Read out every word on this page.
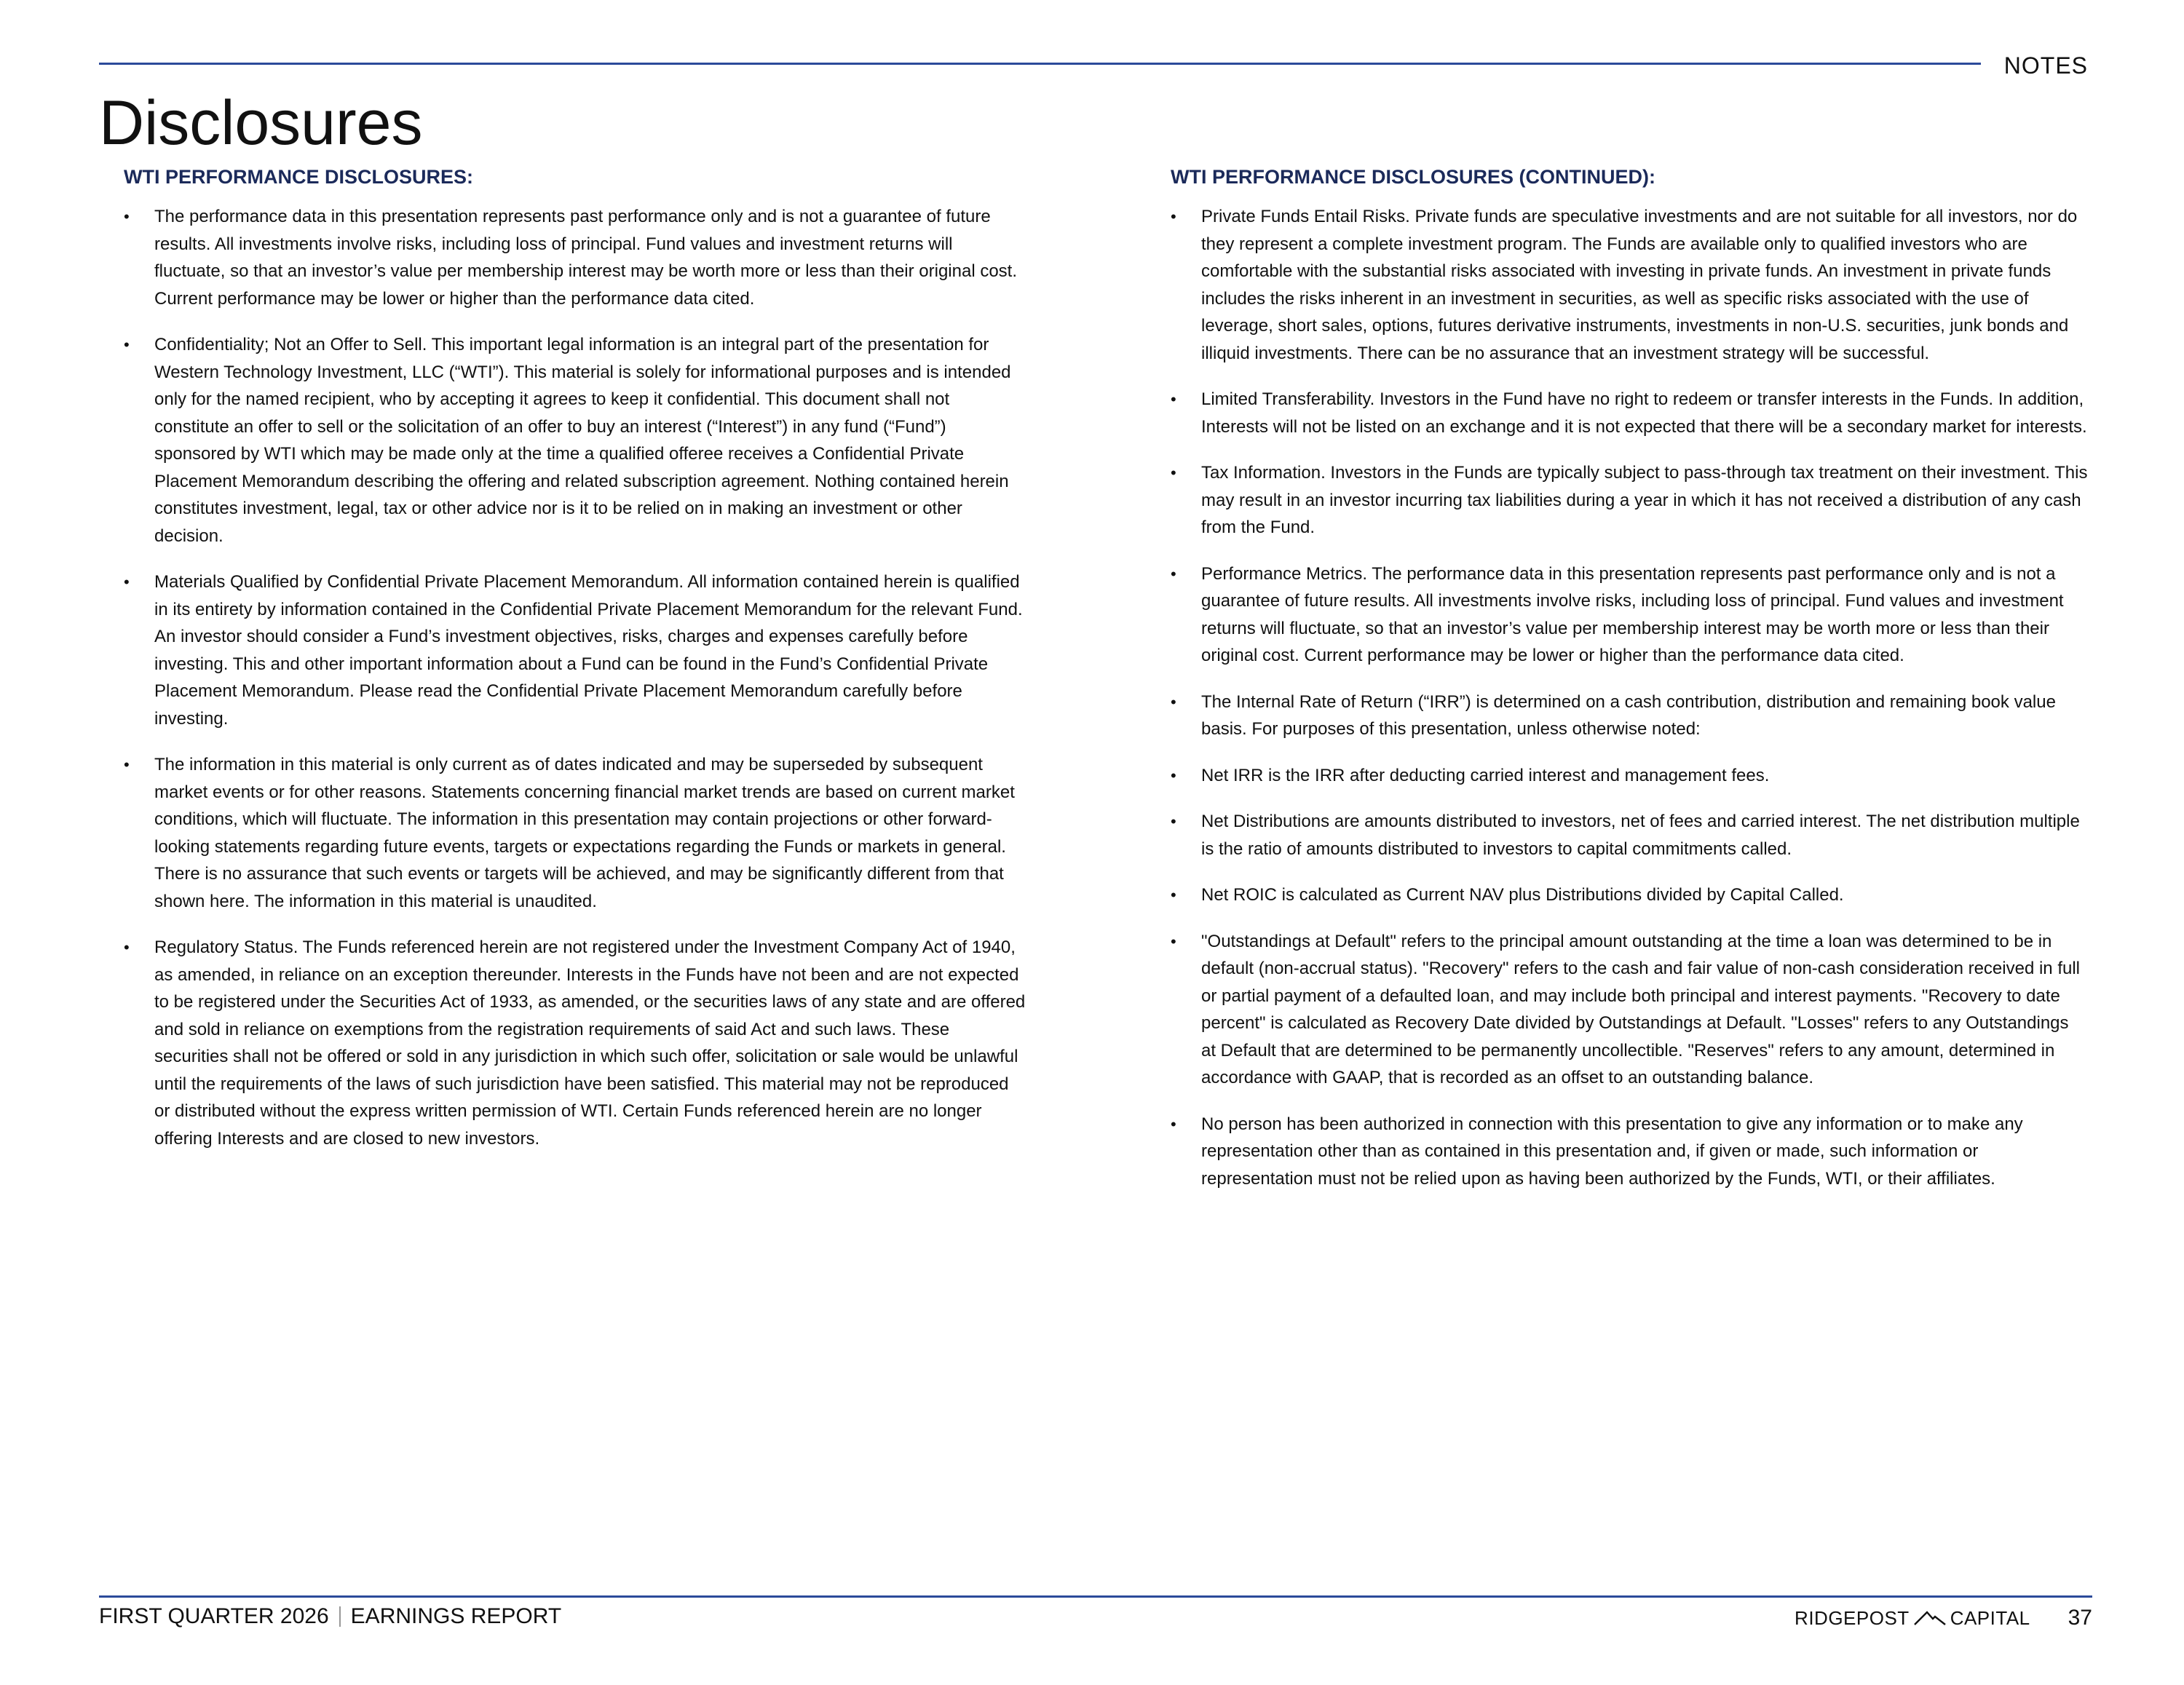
NOTES
Disclosures
WTI PERFORMANCE DISCLOSURES:
• The performance data in this presentation represents past performance only and is not a guarantee of future results. All investments involve risks, including loss of principal. Fund values and investment returns will fluctuate, so that an investor’s value per membership interest may be worth more or less than their original cost. Current performance may be lower or higher than the performance data cited.
• Confidentiality; Not an Offer to Sell. This important legal information is an integral part of the presentation for Western Technology Investment, LLC (“WTI”). This material is solely for informational purposes and is intended only for the named recipient, who by accepting it agrees to keep it confidential. This document shall not constitute an offer to sell or the solicitation of an offer to buy an interest (“Interest”) in any fund (“Fund”) sponsored by WTI which may be made only at the time a qualified offeree receives a Confidential Private Placement Memorandum describing the offering and related subscription agreement. Nothing contained herein constitutes investment, legal, tax or other advice nor is it to be relied on in making an investment or other decision.
• Materials Qualified by Confidential Private Placement Memorandum. All information contained herein is qualified in its entirety by information contained in the Confidential Private Placement Memorandum for the relevant Fund. An investor should consider a Fund’s investment objectives, risks, charges and expenses carefully before investing. This and other important information about a Fund can be found in the Fund’s Confidential Private Placement Memorandum. Please read the Confidential Private Placement Memorandum carefully before investing.
• The information in this material is only current as of dates indicated and may be superseded by subsequent market events or for other reasons. Statements concerning financial market trends are based on current market conditions, which will fluctuate. The information in this presentation may contain projections or other forward-looking statements regarding future events, targets or expectations regarding the Funds or markets in general. There is no assurance that such events or targets will be achieved, and may be significantly different from that shown here. The information in this material is unaudited.
• Regulatory Status. The Funds referenced herein are not registered under the Investment Company Act of 1940, as amended, in reliance on an exception thereunder. Interests in the Funds have not been and are not expected to be registered under the Securities Act of 1933, as amended, or the securities laws of any state and are offered and sold in reliance on exemptions from the registration requirements of said Act and such laws. These securities shall not be offered or sold in any jurisdiction in which such offer, solicitation or sale would be unlawful until the requirements of the laws of such jurisdiction have been satisfied. This material may not be reproduced or distributed without the express written permission of WTI. Certain Funds referenced herein are no longer offering Interests and are closed to new investors.
WTI PERFORMANCE DISCLOSURES (CONTINUED):
• Private Funds Entail Risks. Private funds are speculative investments and are not suitable for all investors, nor do they represent a complete investment program. The Funds are available only to qualified investors who are comfortable with the substantial risks associated with investing in private funds. An investment in private funds includes the risks inherent in an investment in securities, as well as specific risks associated with the use of leverage, short sales, options, futures derivative instruments, investments in non-U.S. securities, junk bonds and illiquid investments. There can be no assurance that an investment strategy will be successful.
• Limited Transferability. Investors in the Fund have no right to redeem or transfer interests in the Funds. In addition, Interests will not be listed on an exchange and it is not expected that there will be a secondary market for interests.
• Tax Information. Investors in the Funds are typically subject to pass-through tax treatment on their investment. This may result in an investor incurring tax liabilities during a year in which it has not received a distribution of any cash from the Fund.
• Performance Metrics. The performance data in this presentation represents past performance only and is not a guarantee of future results. All investments involve risks, including loss of principal. Fund values and investment returns will fluctuate, so that an investor’s value per membership interest may be worth more or less than their original cost. Current performance may be lower or higher than the performance data cited.
• The Internal Rate of Return (“IRR”) is determined on a cash contribution, distribution and remaining book value basis. For purposes of this presentation, unless otherwise noted:
• Net IRR is the IRR after deducting carried interest and management fees.
• Net Distributions are amounts distributed to investors, net of fees and carried interest. The net distribution multiple is the ratio of amounts distributed to investors to capital commitments called.
• Net ROIC is calculated as Current NAV plus Distributions divided by Capital Called.
• "Outstandings at Default" refers to the principal amount outstanding at the time a loan was determined to be in default (non-accrual status). "Recovery" refers to the cash and fair value of non-cash consideration received in full or partial payment of a defaulted loan, and may include both principal and interest payments. "Recovery to date percent" is calculated as Recovery Date divided by Outstandings at Default. "Losses" refers to any Outstandings at Default that are determined to be permanently uncollectible. "Reserves" refers to any amount, determined in accordance with GAAP, that is recorded as an offset to an outstanding balance.
• No person has been authorized in connection with this presentation to give any information or to make any representation other than as contained in this presentation and, if given or made, such information or representation must not be relied upon as having been authorized by the Funds, WTI, or their affiliates.
FIRST QUARTER 2026 EARNINGS REPORT	RIDGEPOST CAPITAL 37
